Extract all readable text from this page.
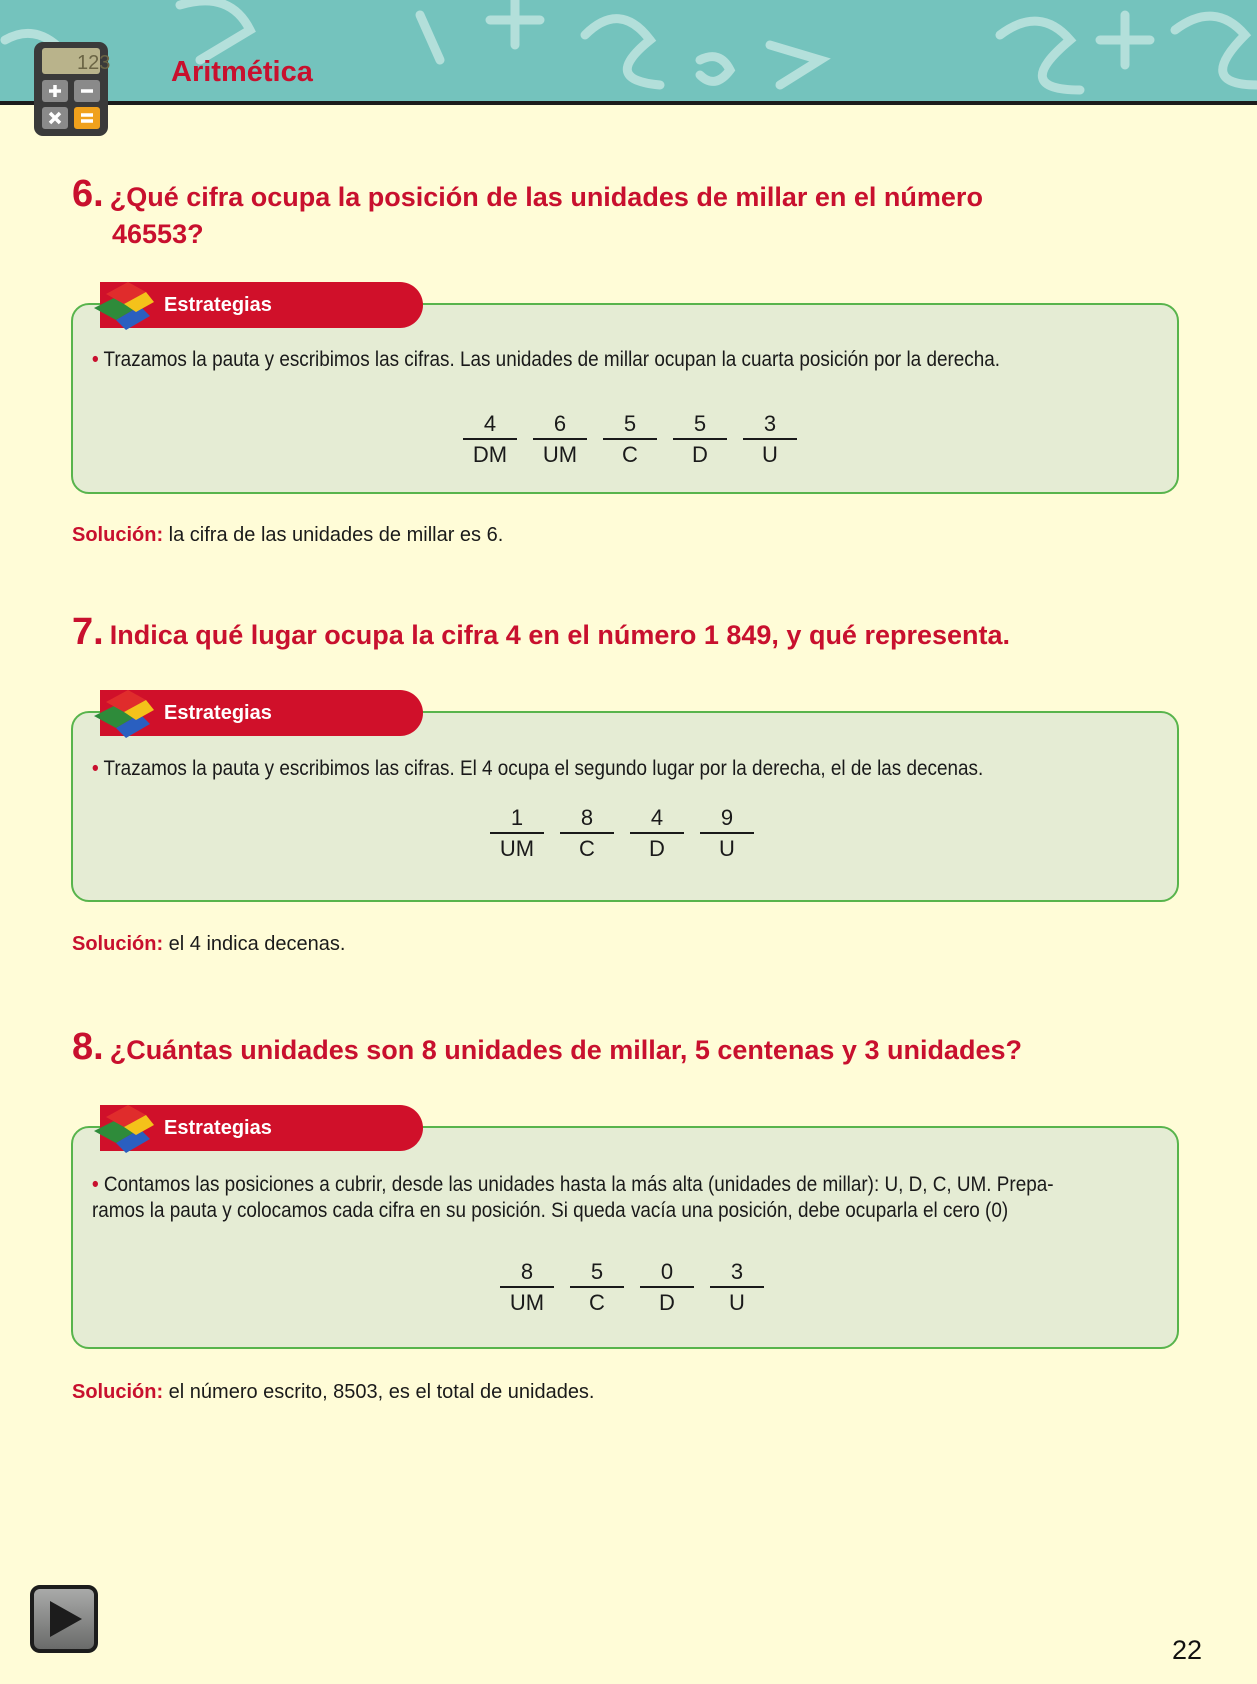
123 Aritmética
6. ¿Qué cifra ocupa la posición de las unidades de millar en el número
46553?
Estrategias
• Trazamos la pauta y escribimos las cifras. Las unidades de millar ocupan la cuarta posición por la derecha.
4
DM
6
UM
5
C
5
D
3
U
Solución: la cifra de las unidades de millar es 6.
7. Indica qué lugar ocupa la cifra 4 en el número 1 849, y qué representa.
Estrategias
• Trazamos la pauta y escribimos las cifras. El 4 ocupa el segundo lugar por la derecha, el de las decenas.
1
UM
8
C
4
D
9
U
Solución: el 4 indica decenas.
8. ¿Cuántas unidades son 8 unidades de millar, 5 centenas y 3 unidades?
Estrategias
• Contamos las posiciones a cubrir, desde las unidades hasta la más alta (unidades de millar): U, D, C, UM. Prepa-
ramos la pauta y colocamos cada cifra en su posición. Si queda vacía una posición, debe ocuparla el cero (0)
8
UM
5
C
0
D
3
U
Solución: el número escrito, 8503, es el total de unidades.
22
